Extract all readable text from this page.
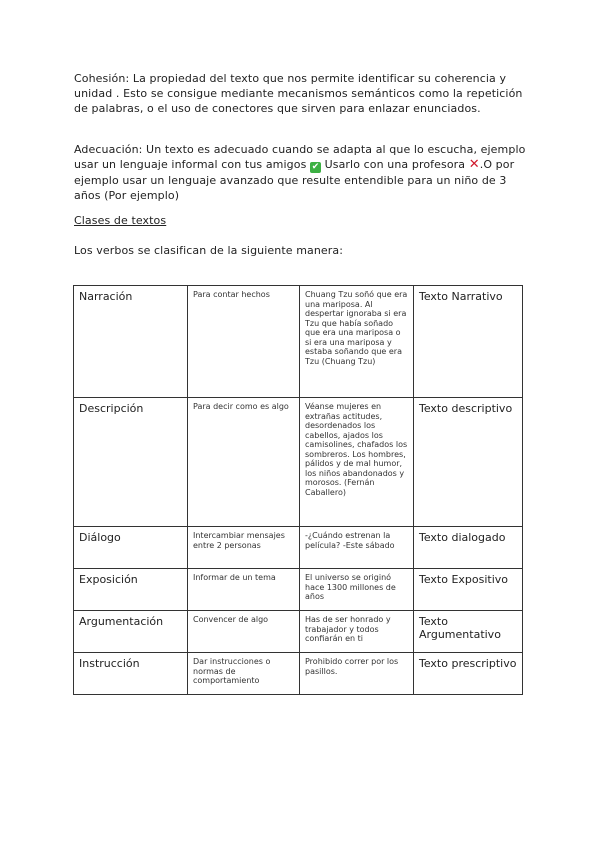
Cohesión: La propiedad del texto que nos permite identificar su coherencia y unidad . Esto se consigue mediante mecanismos semánticos como la repetición de palabras, o el uso de conectores que sirven para enlazar enunciados.

Adecuación: Un texto es adecuado cuando se adapta al que lo escucha, ejemplo usar un lenguaje informal con tus amigos ✔ Usarlo con una profesora ✕.O por ejemplo usar un lenguaje avanzado que resulte entendible para un niño de 3 años (Por ejemplo)

Clases de textos

Los verbos se clasifican de la siguiente manera:

Narración	Para contar hechos	Chuang Tzu soñó que era una mariposa. Al despertar ignoraba si era Tzu que había soñado que era una mariposa o si era una mariposa y estaba soñando que era Tzu (Chuang Tzu)	Texto Narrativo
Descripción	Para decir como es algo	Véanse mujeres en extrañas actitudes, desordenados los cabellos, ajados los camisolines, chafados los sombreros. Los hombres, pálidos y de mal humor, los niños abandonados y morosos. (Fernán Caballero)	Texto descriptivo
Diálogo	Intercambiar mensajes entre 2 personas	-¿Cuándo estrenan la película? -Este sábado	Texto dialogado
Exposición	Informar de un tema	El universo se originó hace 1300 millones de años	Texto Expositivo
Argumentación	Convencer de algo	Has de ser honrado y trabajador y todos confiarán en ti	Texto Argumentativo
Instrucción	Dar instrucciones o normas de comportamiento	Prohibido correr por los pasillos.	Texto prescriptivo
